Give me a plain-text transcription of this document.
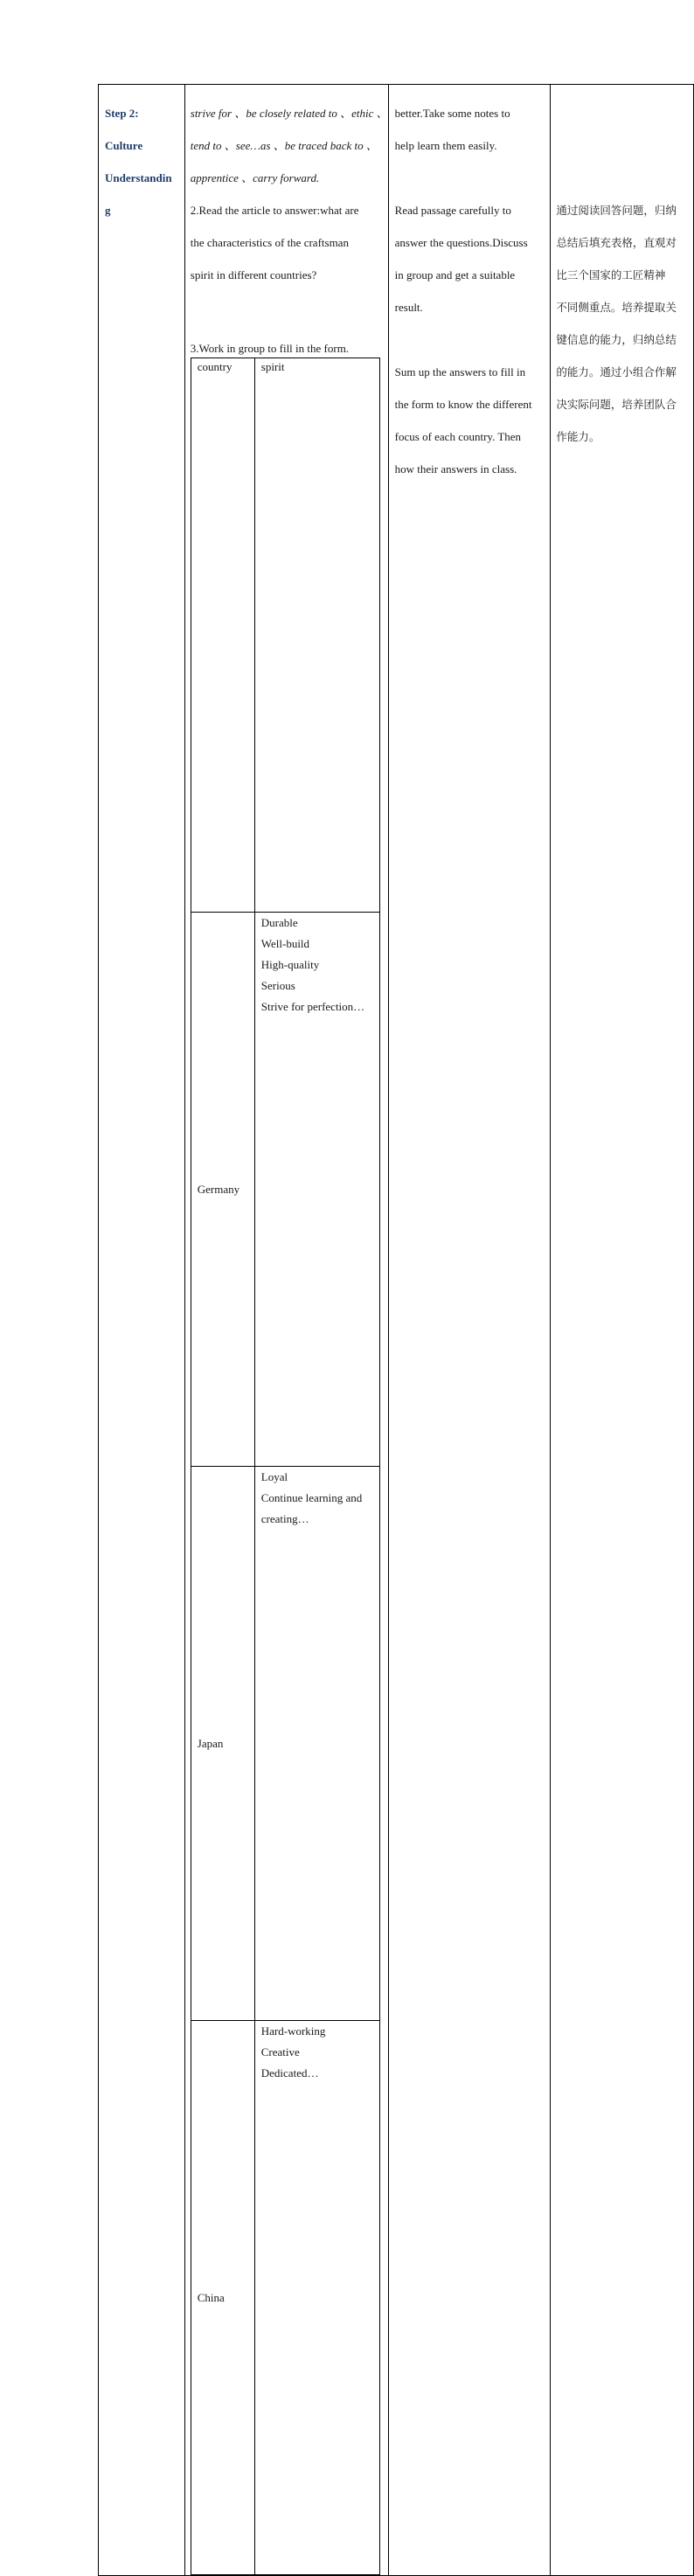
Step 2:
Culture
Understandin
g

strive for 、be closely related to 、ethic 、
tend to 、see…as 、be traced back to 、
apprentice 、carry forward.
2.Read the article to answer:what are
the characteristics of the craftsman
spirit in different countries?
3.Work in group to fill in the form.
country	spirit
Germany	
Durable
Well-build
High-quality
Serious
Strive for perfection…

Japan	
Loyal
Continue learning and
creating…

China	
Hard-working
Creative
Dedicated…

better.Take some notes to
help learn them easily.
Read passage carefully to
answer the questions.Discuss
in group and get a suitable
result.
Sum up the answers to fill in
the form to know the different
focus of each country. Then
how their answers in class.

通过阅读回答问题，归纳
总结后填充表格，直观对
比三个国家的工匠精神
不同侧重点。培养提取关
键信息的能力，归纳总结
的能力。通过小组合作解
决实际问题，培养团队合
作能力。
